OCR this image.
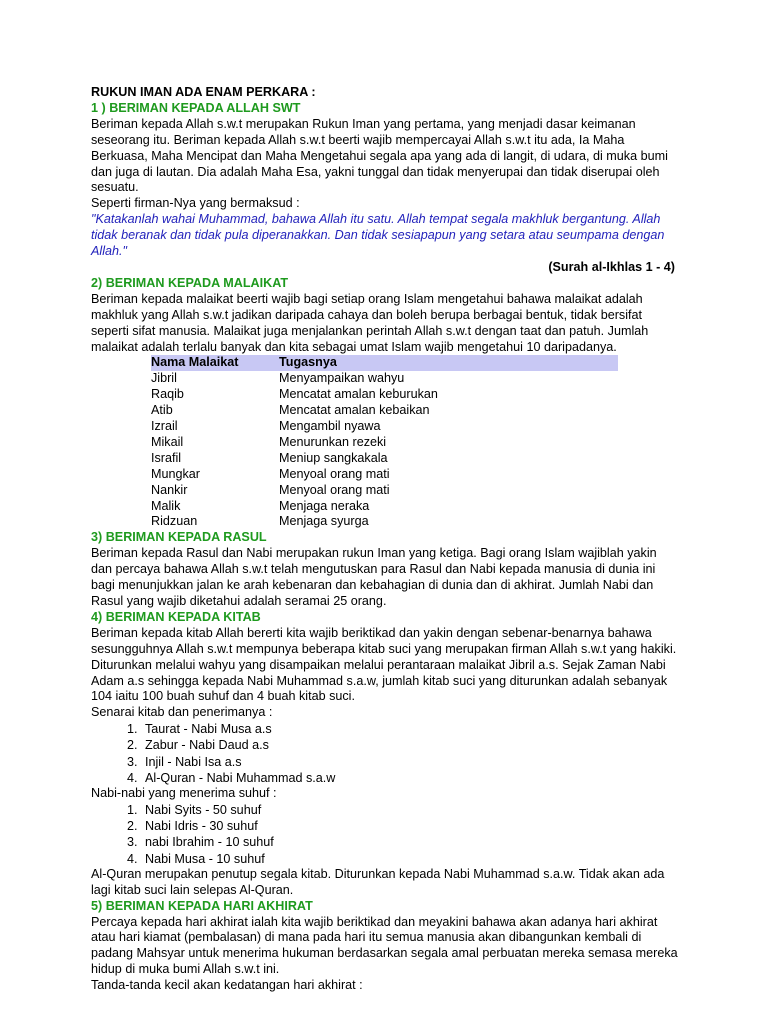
RUKUN IMAN ADA ENAM PERKARA :

1 ) BERIMAN KEPADA ALLAH SWT

Beriman kepada Allah s.w.t merupakan Rukun Iman yang pertama, yang menjadi dasar keimanan seseorang itu. Beriman kepada Allah s.w.t beerti wajib mempercayai Allah s.w.t itu ada, Ia Maha Berkuasa, Maha Mencipat dan Maha Mengetahui segala apa yang ada di langit, di udara, di muka bumi dan juga di lautan. Dia adalah Maha Esa, yakni tunggal dan tidak menyerupai dan tidak diserupai oleh sesuatu.

Seperti firman-Nya yang bermaksud :

"Katakanlah wahai Muhammad, bahawa Allah itu satu. Allah tempat segala makhluk bergantung. Allah tidak beranak dan tidak pula diperanakkan. Dan tidak sesiapapun yang setara atau seumpama dengan Allah."

(Surah al-Ikhlas 1 - 4)

2) BERIMAN KEPADA MALAIKAT

Beriman kepada malaikat beerti wajib bagi setiap orang Islam mengetahui bahawa malaikat adalah makhluk yang Allah s.w.t jadikan daripada cahaya dan boleh berupa berbagai bentuk, tidak bersifat seperti sifat manusia. Malaikat juga menjalankan perintah Allah s.w.t dengan taat dan patuh. Jumlah malaikat adalah terlalu banyak dan kita sebagai umat Islam wajib mengetahui 10 daripadanya.

Nama Malaikat	Tugasnya
Jibril	Menyampaikan wahyu
Raqib	Mencatat amalan keburukan
Atib	Mencatat amalan kebaikan
Izrail	Mengambil nyawa
Mikail	Menurunkan rezeki
Israfil	Meniup sangkakala
Mungkar	Menyoal orang mati
Nankir	Menyoal orang mati
Malik	Menjaga neraka
Ridzuan	Menjaga syurga

3) BERIMAN KEPADA RASUL

Beriman kepada Rasul dan Nabi merupakan rukun Iman yang ketiga. Bagi orang Islam wajiblah yakin dan percaya bahawa Allah s.w.t telah mengutuskan para Rasul dan Nabi kepada manusia di dunia ini bagi menunjukkan jalan ke arah kebenaran dan kebahagian di dunia dan di akhirat. Jumlah Nabi dan Rasul yang wajib diketahui adalah seramai 25 orang.

4) BERIMAN KEPADA KITAB

Beriman kepada kitab Allah bererti kita wajib beriktikad dan yakin dengan sebenar-benarnya bahawa sesungguhnya Allah s.w.t mempunya beberapa kitab suci yang merupakan firman Allah s.w.t yang hakiki. Diturunkan melalui wahyu yang disampaikan melalui perantaraan malaikat Jibril a.s. Sejak Zaman Nabi Adam a.s sehingga kepada Nabi Muhammad s.a.w, jumlah kitab suci yang diturunkan adalah sebanyak 104 iaitu 100 buah suhuf dan 4 buah kitab suci.

Senarai kitab dan penerimanya :

1. Taurat - Nabi Musa a.s
2. Zabur - Nabi Daud a.s
3. Injil - Nabi Isa a.s
4. Al-Quran - Nabi Muhammad s.a.w

Nabi-nabi yang menerima suhuf :

1. Nabi Syits - 50 suhuf
2. Nabi Idris - 30 suhuf
3. nabi Ibrahim - 10 suhuf
4. Nabi Musa - 10 suhuf

Al-Quran merupakan penutup segala kitab. Diturunkan kepada Nabi Muhammad s.a.w. Tidak akan ada lagi kitab suci lain selepas Al-Quran.

5) BERIMAN KEPADA HARI AKHIRAT

Percaya kepada hari akhirat ialah kita wajib beriktikad dan meyakini bahawa akan adanya hari akhirat atau hari kiamat (pembalasan) di mana pada hari itu semua manusia akan dibangunkan kembali di padang Mahsyar untuk menerima hukuman berdasarkan segala amal perbuatan mereka semasa mereka hidup di muka bumi Allah s.w.t ini.

Tanda-tanda kecil akan kedatangan hari akhirat :
